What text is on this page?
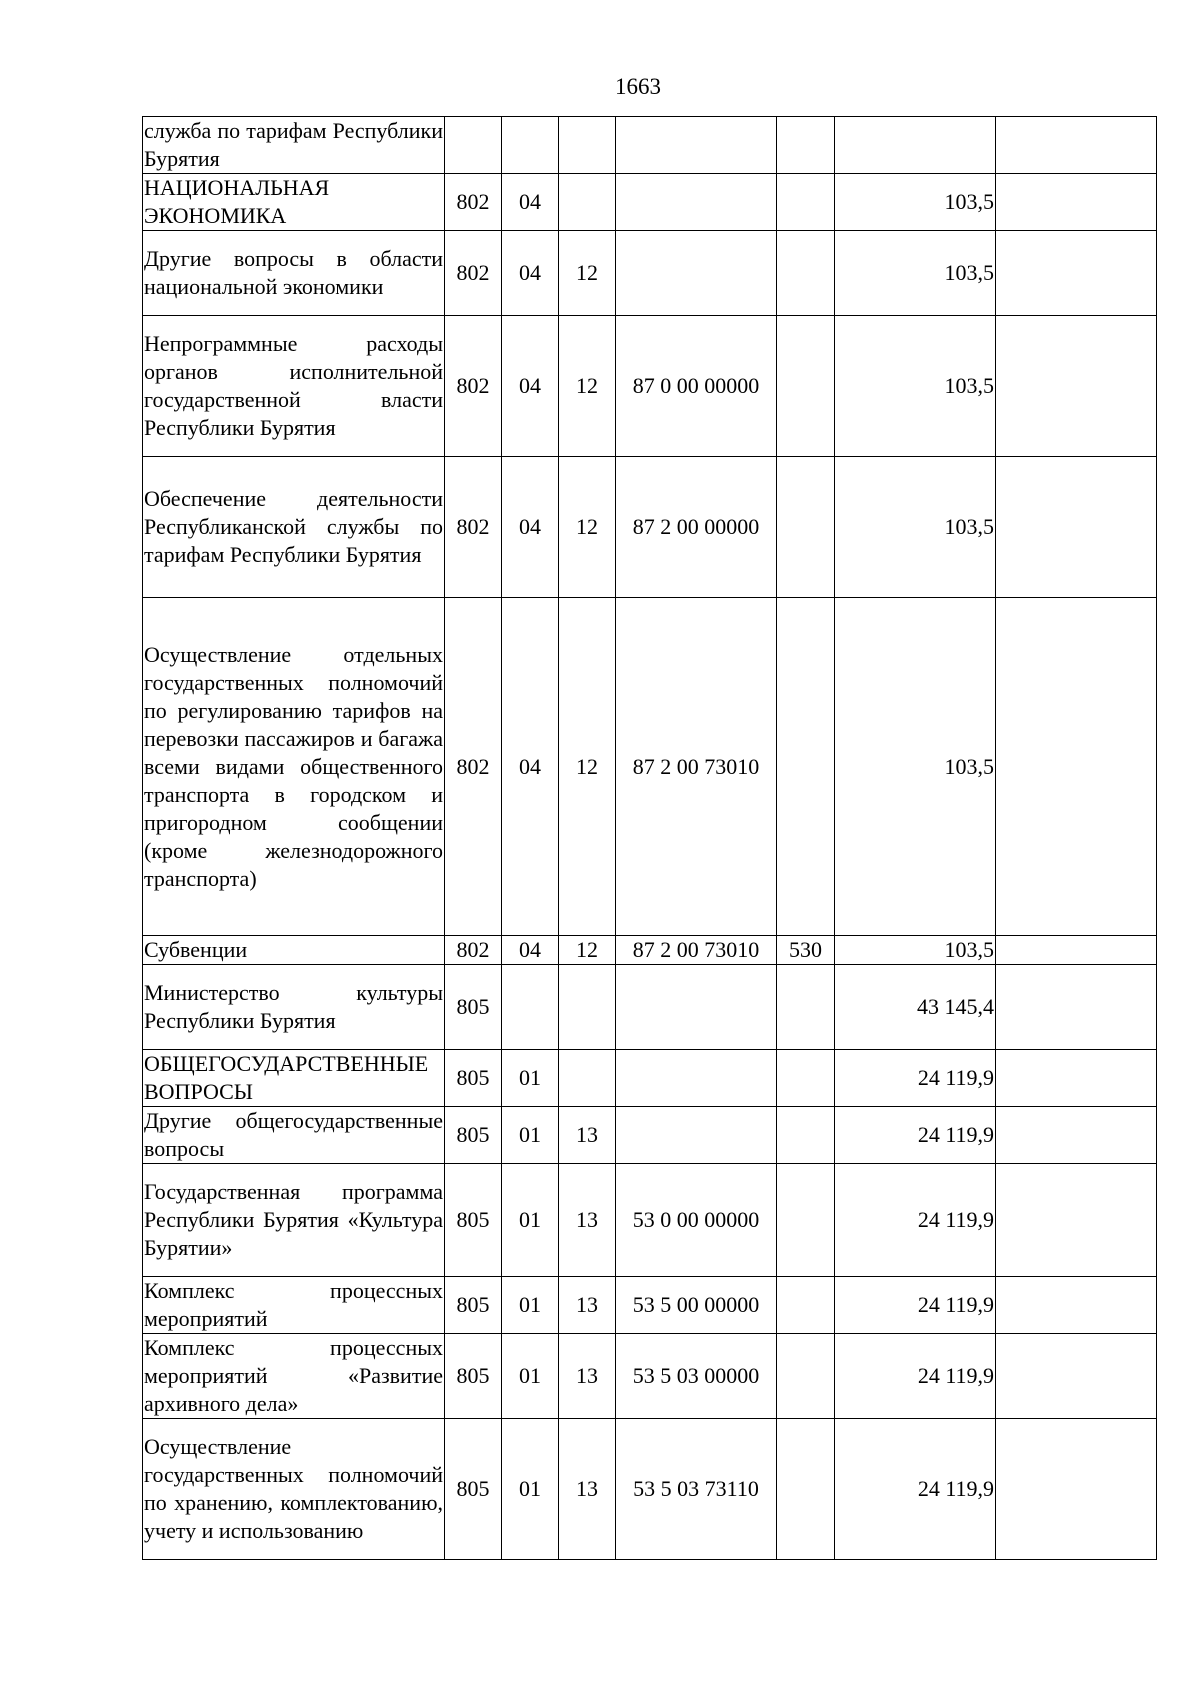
1663
служба по тарифам Республики Бурятия							
НАЦИОНАЛЬНАЯ ЭКОНОМИКА	802	04				103,5	
Другие вопросы в области национальной экономики	802	04	12			103,5	
Непрограммные расходы органов исполнительной государственной власти Республики Бурятия	802	04	12	87 0 00 00000		103,5	
Обеспечение деятельности Республиканской службы по тарифам Республики Бурятия	802	04	12	87 2 00 00000		103,5	
Осуществление отдельных государственных полномочий по регулированию тарифов на перевозки пассажиров и багажа всеми видами общественного транспорта в городском и пригородном сообщении (кроме железнодорожного транспорта)	802	04	12	87 2 00 73010		103,5	
Субвенции	802	04	12	87 2 00 73010	530	103,5	
Министерство культуры Республики Бурятия	805					43 145,4	
ОБЩЕГОСУДАРСТВЕННЫЕ ВОПРОСЫ	805	01				24 119,9	
Другие общегосударственные вопросы	805	01	13			24 119,9	
Государственная программа Республики Бурятия «Культура Бурятии»	805	01	13	53 0 00 00000		24 119,9	
Комплекс процессных мероприятий	805	01	13	53 5 00 00000		24 119,9	
Комплекс процессных мероприятий «Развитие архивного дела»	805	01	13	53 5 03 00000		24 119,9	
Осуществление государственных полномочий по хранению, комплектованию, учету и использованию	805	01	13	53 5 03 73110		24 119,9	
